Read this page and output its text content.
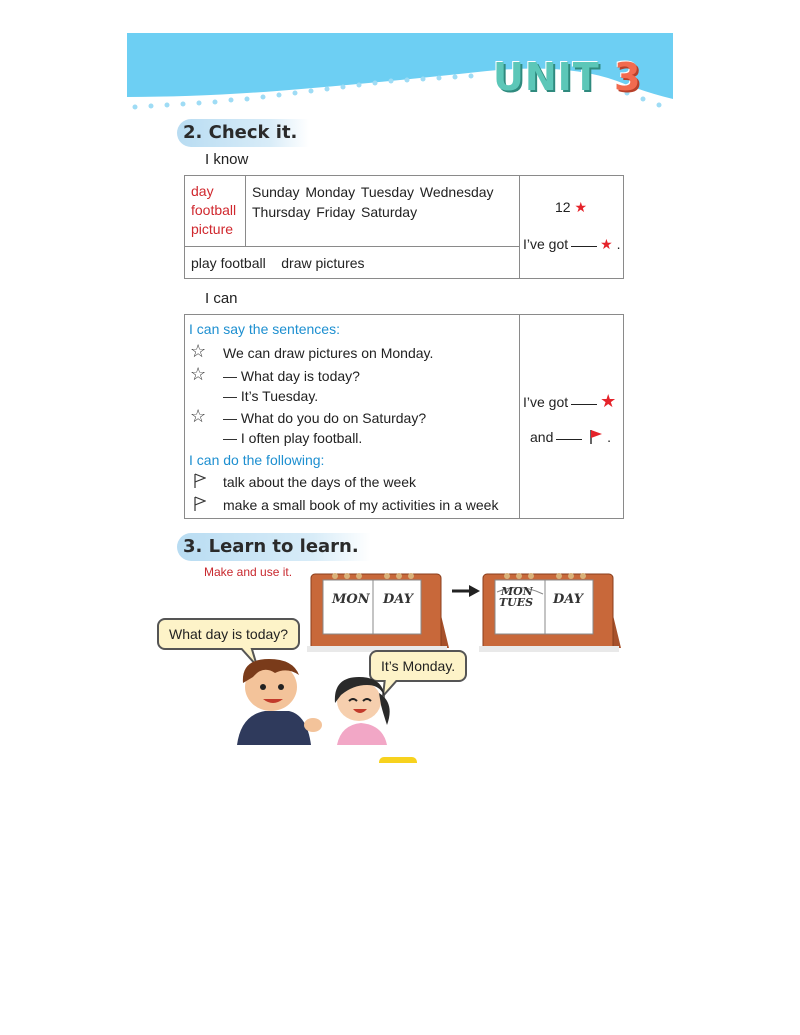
UNIT 3
2. Check it.
I know
day
football
picture
Sunday Monday Tuesday Wednesday
Thursday Friday Saturday
play football    draw pictures
12 ★
I’ve got ★ .
I can
I can say the sentences:
☆ We can draw pictures on Monday.
☆ — What day is today?
— It’s Tuesday.
☆ — What do you do on Saturday?
— I often play football.
I can do the following:
talk about the days of the week
make a small book of my activities in a week
I’ve got ★
and	.
3. Learn to learn.
Make and use it.
MON DAY
MON
TUES DAY
What day is today?
It’s Monday.
